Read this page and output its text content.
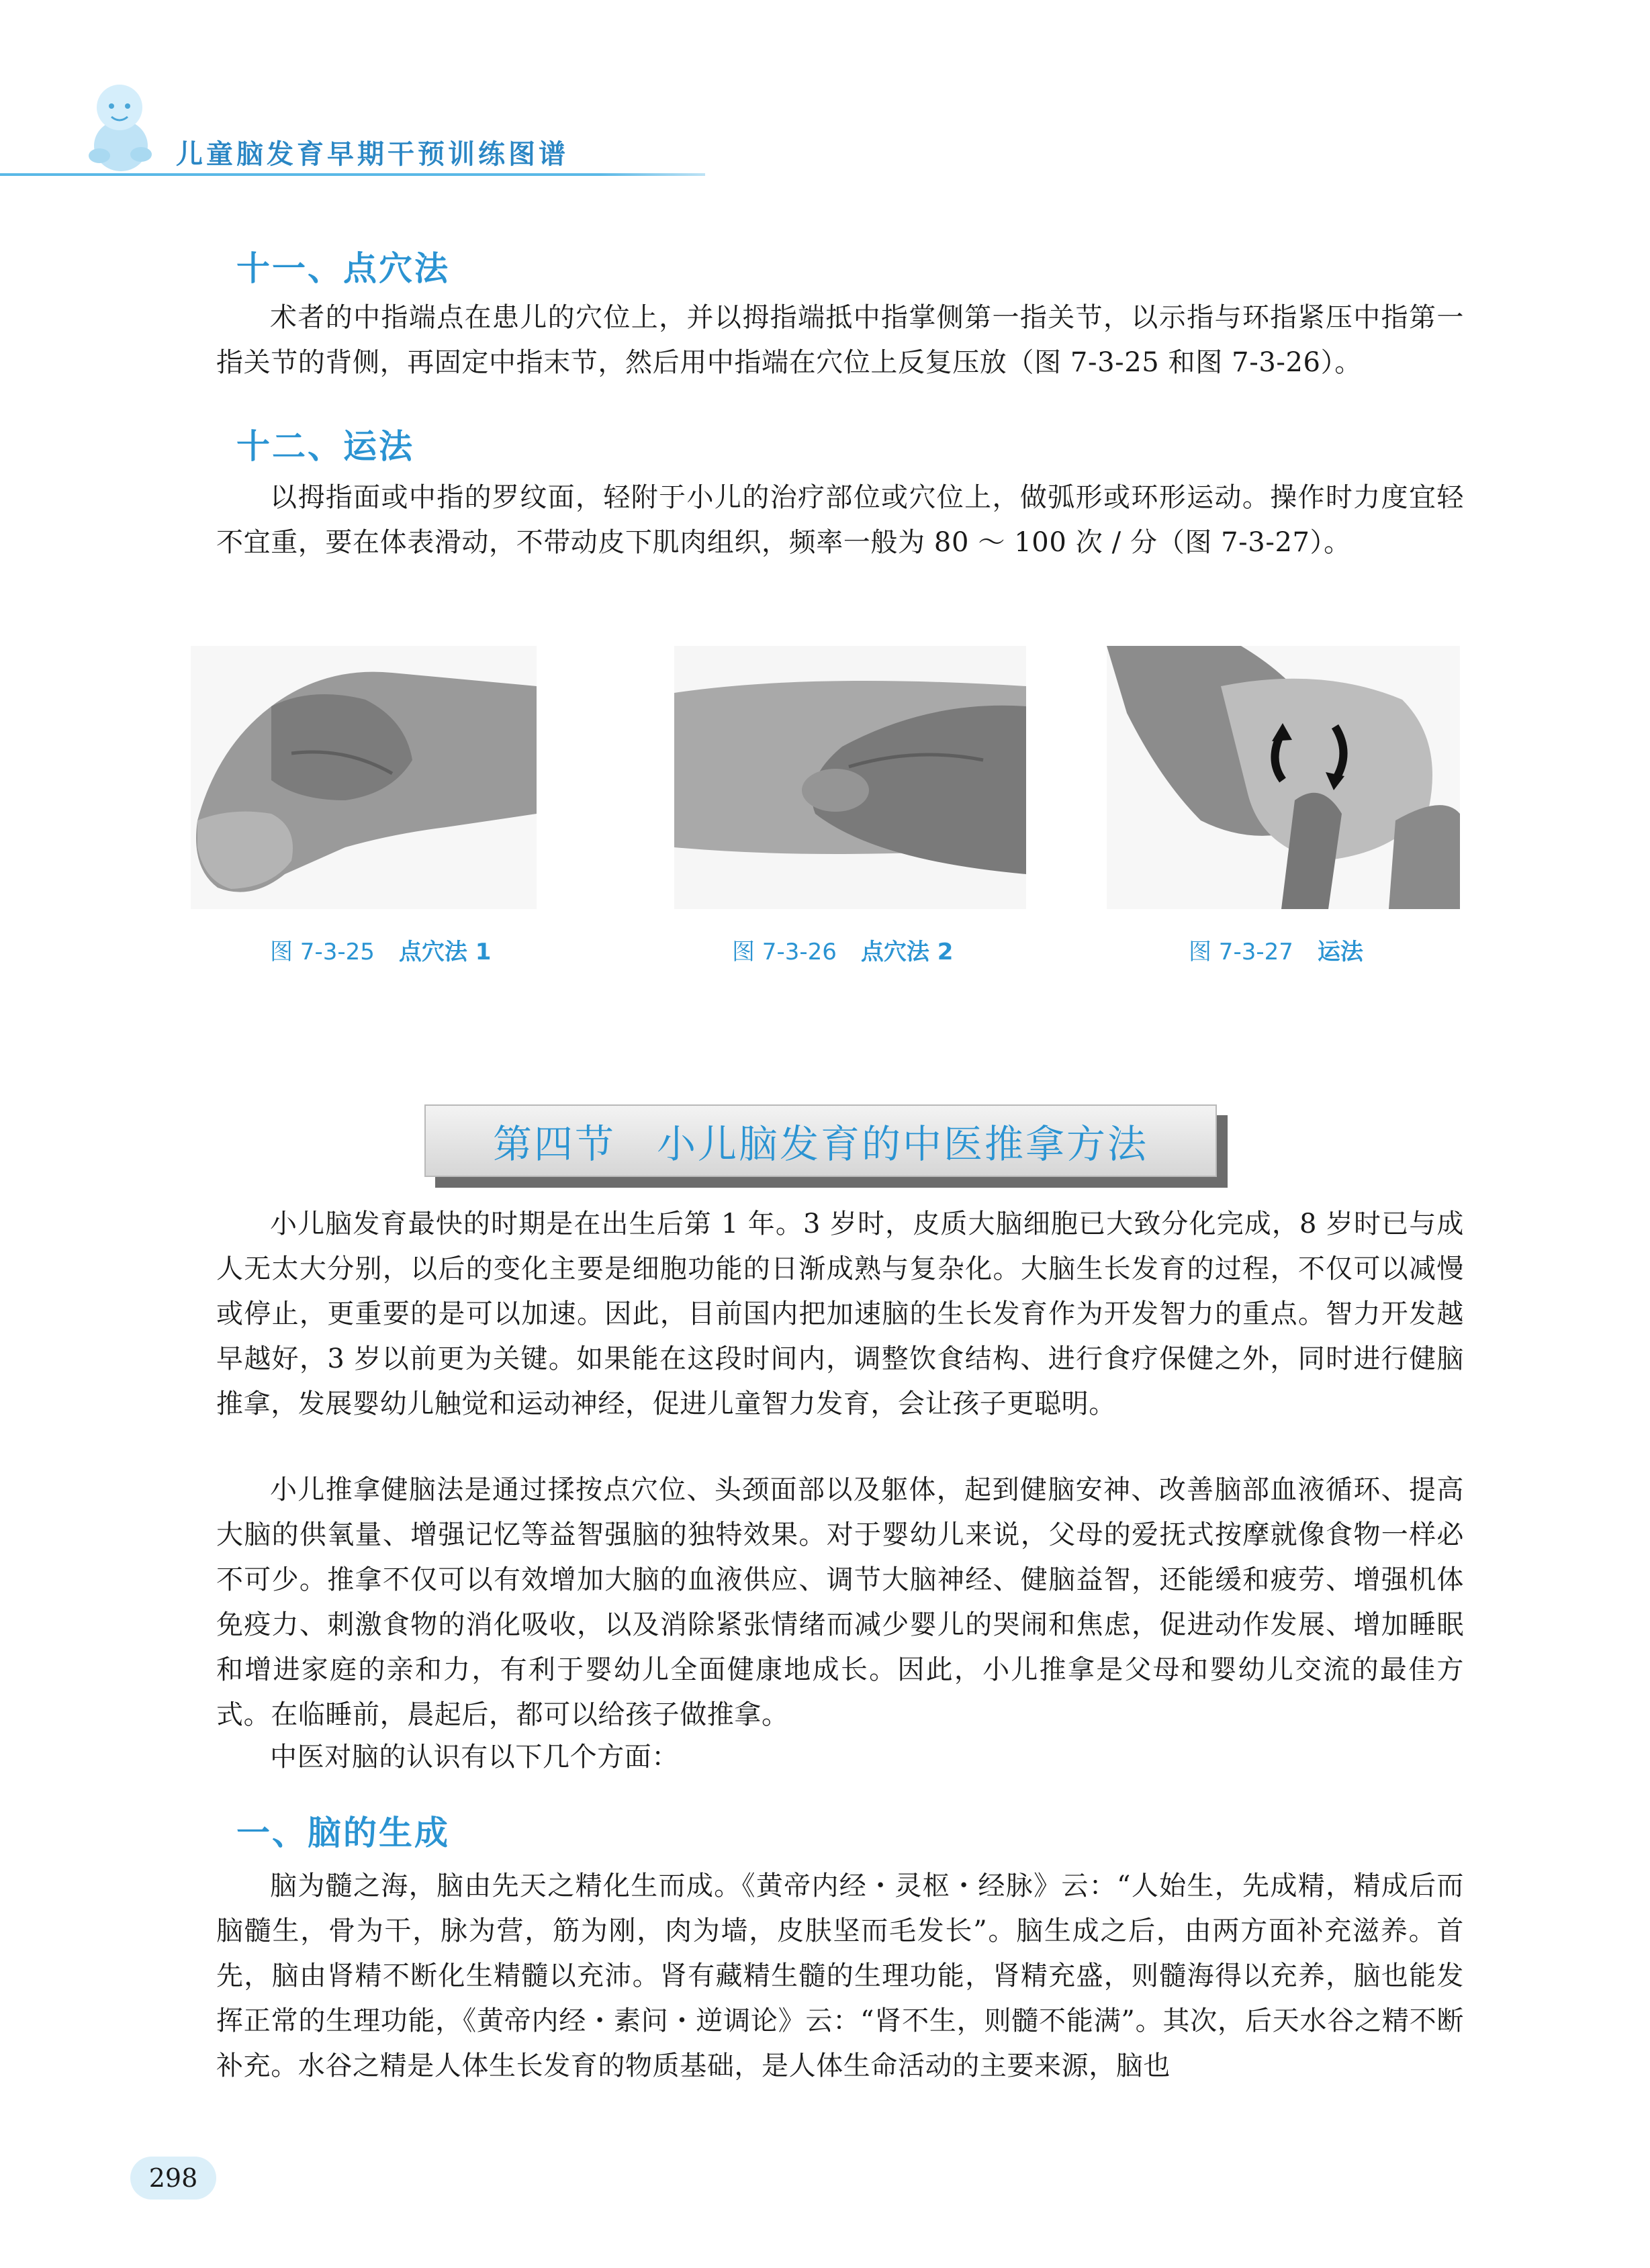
儿童脑发育早期干预训练图谱
十一、点穴法
术者的中指端点在患儿的穴位上，并以拇指端抵中指掌侧第一指关节，以示指与环指紧压中指第一指关节的背侧，再固定中指末节，然后用中指端在穴位上反复压放（图 7-3-25 和图 7-3-26）。
十二、运法
以拇指面或中指的罗纹面，轻附于小儿的治疗部位或穴位上，做弧形或环形运动。操作时力度宜轻不宜重，要在体表滑动，不带动皮下肌肉组织，频率一般为 80 ～ 100 次 / 分（图 7-3-27）。
图 7-3-25 点穴法 1	图 7-3-26 点穴法 2	图 7-3-27 运法
第四节　小儿脑发育的中医推拿方法
小儿脑发育最快的时期是在出生后第 1 年。3 岁时，皮质大脑细胞已大致分化完成，8 岁时已与成人无太大分别，以后的变化主要是细胞功能的日渐成熟与复杂化。大脑生长发育的过程，不仅可以减慢或停止，更重要的是可以加速。因此，目前国内把加速脑的生长发育作为开发智力的重点。智力开发越早越好，3 岁以前更为关键。如果能在这段时间内，调整饮食结构、进行食疗保健之外，同时进行健脑推拿，发展婴幼儿触觉和运动神经，促进儿童智力发育，会让孩子更聪明。
小儿推拿健脑法是通过揉按点穴位、头颈面部以及躯体，起到健脑安神、改善脑部血液循环、提高大脑的供氧量、增强记忆等益智强脑的独特效果。对于婴幼儿来说，父母的爱抚式按摩就像食物一样必不可少。推拿不仅可以有效增加大脑的血液供应、调节大脑神经、健脑益智，还能缓和疲劳、增强机体免疫力、刺激食物的消化吸收，以及消除紧张情绪而减少婴儿的哭闹和焦虑，促进动作发展、增加睡眠和增进家庭的亲和力，有利于婴幼儿全面健康地成长。因此，小儿推拿是父母和婴幼儿交流的最佳方式。在临睡前，晨起后，都可以给孩子做推拿。
中医对脑的认识有以下几个方面：
一、脑的生成
脑为髓之海，脑由先天之精化生而成。《黄帝内经・灵枢・经脉》云：“人始生，先成精，精成后而脑髓生，骨为干，脉为营，筋为刚，肉为墙，皮肤坚而毛发长”。脑生成之后，由两方面补充滋养。首先，脑由肾精不断化生精髓以充沛。肾有藏精生髓的生理功能，肾精充盛，则髓海得以充养，脑也能发挥正常的生理功能，《黄帝内经・素问・逆调论》云：“肾不生，则髓不能满”。其次，后天水谷之精不断补充。水谷之精是人体生长发育的物质基础，是人体生命活动的主要来源，脑也
298
